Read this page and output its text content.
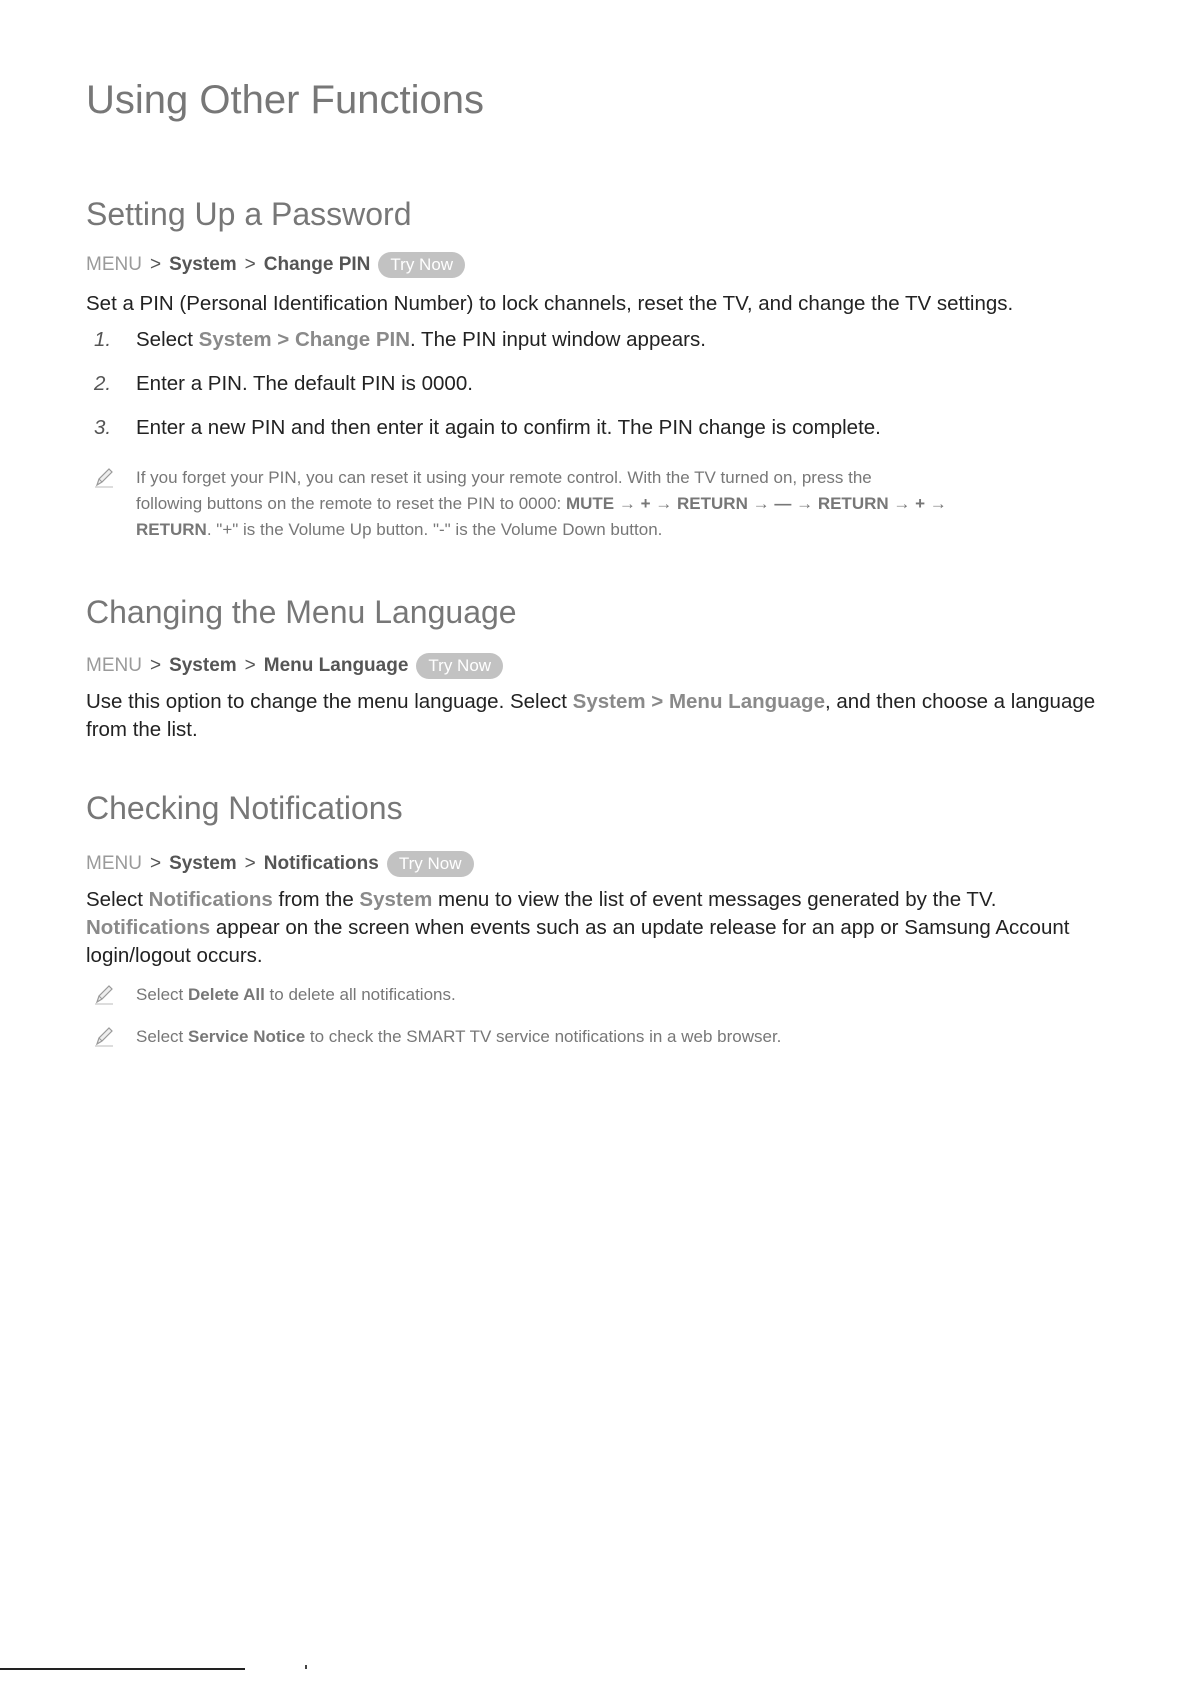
Using Other Functions
Setting Up a Password
MENU > System > Change PIN	Try Now

Set a PIN (Personal Identification Number) to lock channels, reset the TV, and change the TV settings.

1. Select System > Change PIN. The PIN input window appears.
2. Enter a PIN. The default PIN is 0000.
3. Enter a new PIN and then enter it again to confirm it. The PIN change is complete.
If you forget your PIN, you can reset it using your remote control. With the TV turned on, press the
following buttons on the remote to reset the PIN to 0000: MUTE → + → RETURN → — → RETURN → + →
RETURN. "+" is the Volume Up button. "-" is the Volume Down button.
Changing the Menu Language
MENU > System > Menu Language	Try Now

Use this option to change the menu language. Select System > Menu Language, and then choose a language from the list.

Checking Notifications
MENU > System > Notifications	Try Now

Select Notifications from the System menu to view the list of event messages generated by the TV. Notifications appear on the screen when events such as an update release for an app or Samsung Account login/logout occurs.

Select Delete All to delete all notifications.
Select Service Notice to check the SMART TV service notifications in a web browser.
